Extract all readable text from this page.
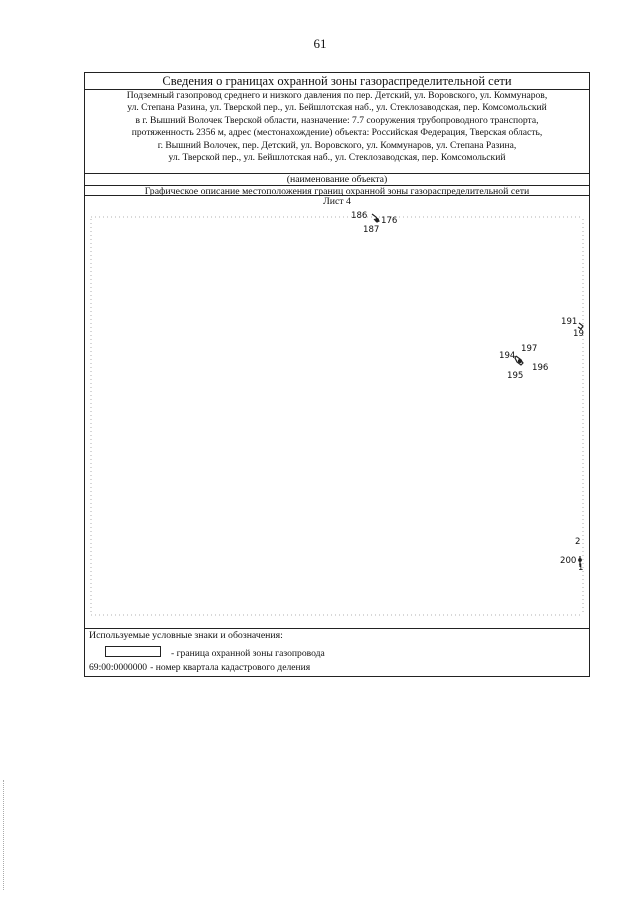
61
Сведения о границах охранной зоны газораспределительной сети
Подземный газопровод среднего и низкого давления по пер. Детский, ул. Воровского, ул. Коммунаров,
ул. Степана Разина, ул. Тверской пер., ул. Бейшлотская наб., ул. Стеклозаводская, пер. Комсомольский
в г. Вышний Волочек Тверской области, назначение: 7.7 сооружения трубопроводного транспорта,
протяженность 2356 м, адрес (местонахождение) объекта: Российская Федерация, Тверская область,
г. Вышний Волочек, пер. Детский, ул. Воровского, ул. Коммунаров, ул. Степана Разина,
ул. Тверской пер., ул. Бейшлотская наб., ул. Стеклозаводская, пер. Комсомольский
(наименование объекта)
Графическое описание местоположения границ охранной зоны газораспределительной сети
Лист 4
186 176
187
191
19
197
194
196
195
2
200
1
Используемые условные знаки и обозначения:
- граница охранной зоны газопровода
69:00:0000000 - номер квартала кадастрового деления
